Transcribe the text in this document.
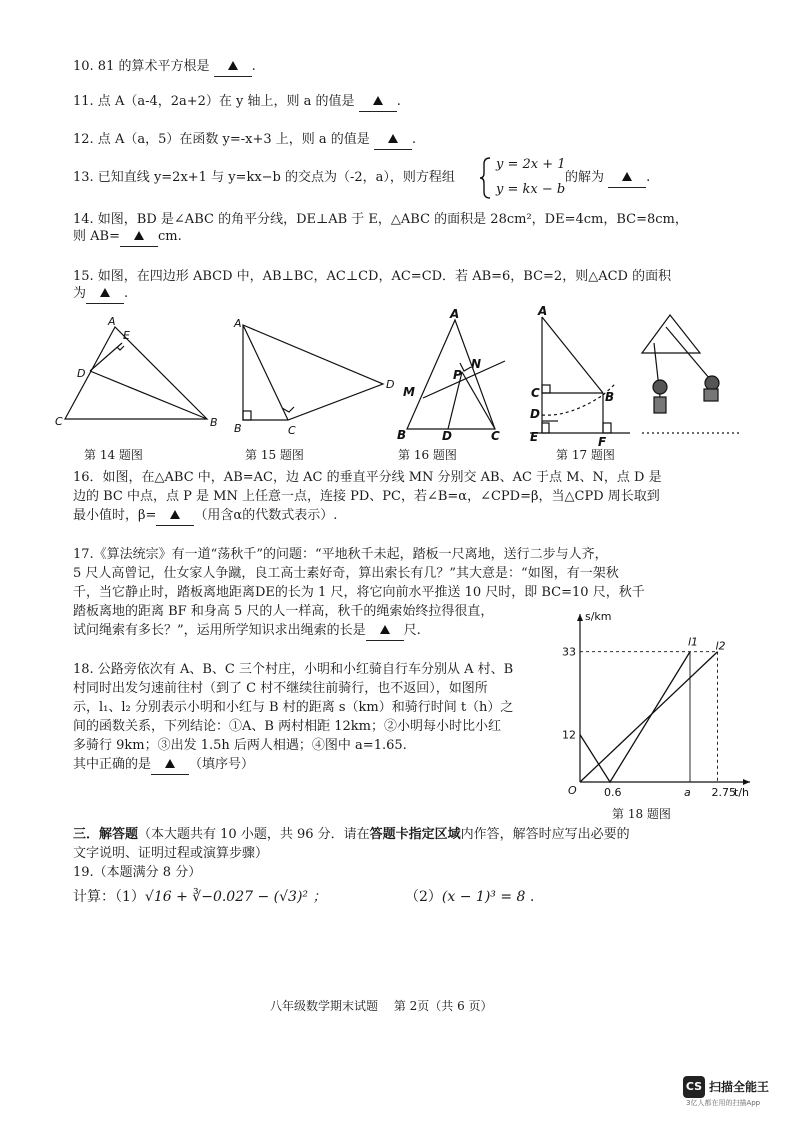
10. 81 的算术平方根是	.
11. 点 A（a-4，2a+2）在 y 轴上，则 a 的值是	.
12. 点 A（a，5）在函数 y=-x+3 上，则 a 的值是	.
13. 已知直线 y=2x+1 与 y=kx−b 的交点为（-2，a），则方程组
y = 2x + 1
y = kx − b
的解为	.
14. 如图，BD 是∠ABC 的角平分线，DE⊥AB 于 E，△ABC 的面积是 28cm²，DE=4cm，BC=8cm，
则 AB=	cm.
15. 如图，在四边形 ABCD 中，AB⊥BC，AC⊥CD，AC=CD．若 AB=6，BC=2，则△ACD 的面积
为	.
A
E
D
C	B
A
B	C
D
A
N
P
M
B	D	C
A
C	B
D
E	F
第 14 题图	第 15 题图	第 16 题图	第 17 题图
16．如图，在△ABC 中，AB=AC，边 AC 的垂直平分线 MN 分别交 AB、AC 于点 M、N，点 D 是
边的 BC 中点，点 P 是 MN 上任意一点，连接 PD、PC，若∠B=α，∠CPD=β，当△CPD 周长取到
最小值时，β=	（用含α的代数式表示）.
17.《算法统宗》有一道“荡秋千”的问题：“平地秋千未起，踏板一尺离地，送行二步与人齐，
5 尺人高曾记，仕女家人争蹴，良工高士素好奇，算出索长有几？”其大意是：“如图，有一架秋
千，当它静止时，踏板离地距离DE的长为 1 尺，将它向前水平推送 10 尺时，即 BC=10 尺，秋千
踏板离地的距离 BF 和身高 5 尺的人一样高，秋千的绳索始终拉得很直，
试问绳索有多长？”，运用所学知识求出绳索的长是	尺.
18. 公路旁依次有 A、B、C 三个村庄，小明和小红骑自行车分别从 A 村、B
村同时出发匀速前往村（到了 C 村不继续往前骑行，也不返回），如图所
示，l₁、l₂ 分别表示小明和小红与 B 村的距离 s（km）和骑行时间 t（h）之
间的函数关系，下列结论：①A、B 两村相距 12km；②小明每小时比小红
多骑行 9km；③出发 1.5h 后两人相遇；④图中 a=1.65.
其中正确的是	（填序号）
t/h
s/km
O
l1 l2
0.6	a 2.75
12
33
第 18 题图
三．解答题（本大题共有 10 小题，共 96 分．请在答题卡指定区域内作答，解答时应写出必要的
文字说明、证明过程或演算步骤）
19.（本题满分 8 分）
计算：（1）√16 + ∛−0.027 − (√3)² ；	（2）(x − 1)³ = 8 .
八年级数学期末试题　 第 2页（共 6 页）
CS 扫描全能王
3亿人都在用的扫描App
